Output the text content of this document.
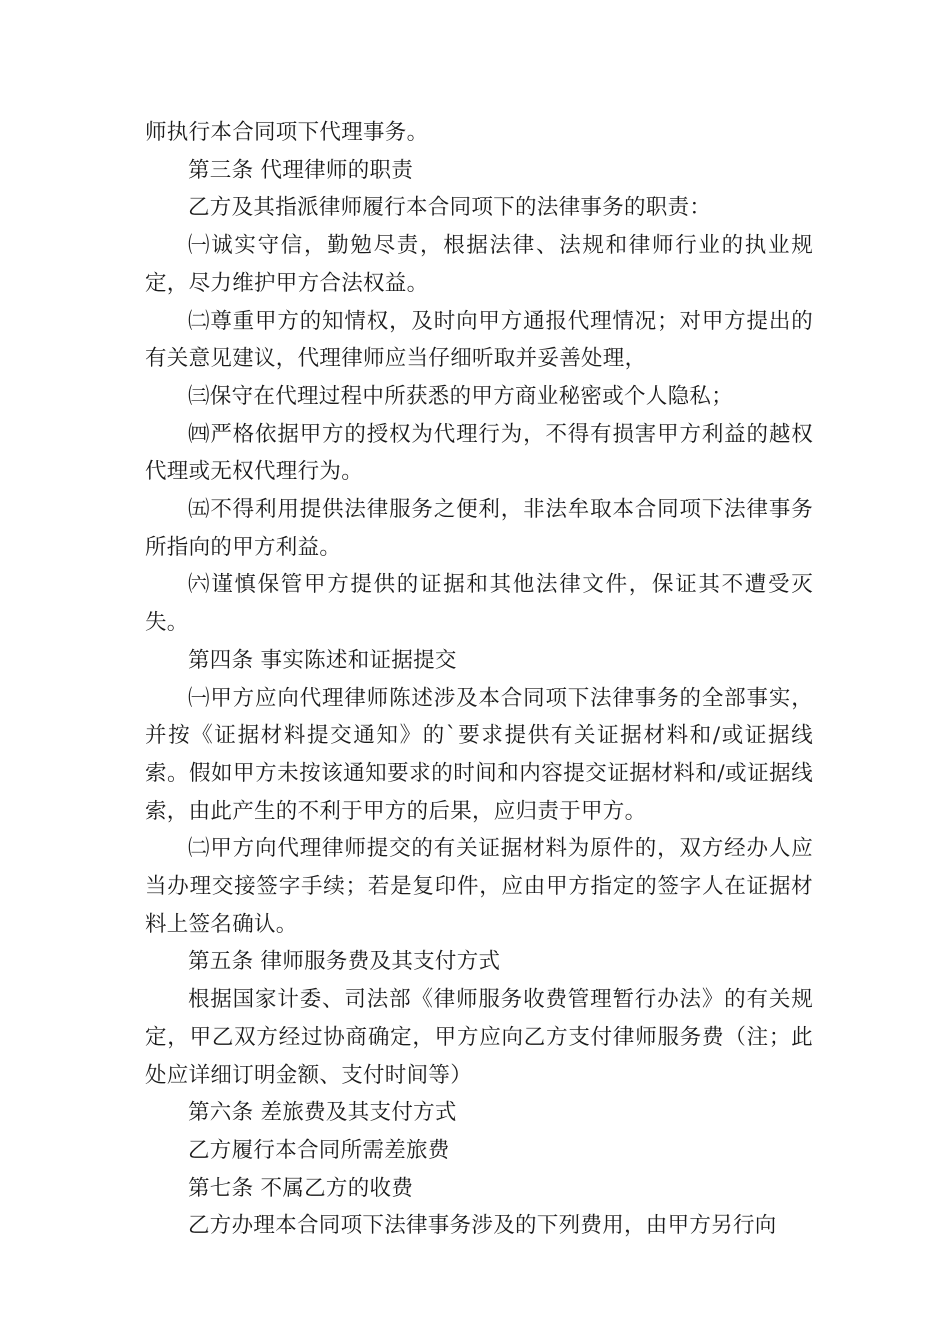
师执行本合同项下代理事务。

第三条 代理律师的职责

乙方及其指派律师履行本合同项下的法律事务的职责：

㈠诚实守信，勤勉尽责，根据法律、法规和律师行业的执业规定，尽力维护甲方合法权益。

㈡尊重甲方的知情权，及时向甲方通报代理情况；对甲方提出的有关意见建议，代理律师应当仔细听取并妥善处理，

㈢保守在代理过程中所获悉的甲方商业秘密或个人隐私；

㈣严格依据甲方的授权为代理行为，不得有损害甲方利益的越权代理或无权代理行为。

㈤不得利用提供法律服务之便利，非法牟取本合同项下法律事务所指向的甲方利益。

㈥谨慎保管甲方提供的证据和其他法律文件，保证其不遭受灭失。

第四条 事实陈述和证据提交

㈠甲方应向代理律师陈述涉及本合同项下法律事务的全部事实，并按《证据材料提交通知》的`要求提供有关证据材料和/或证据线索。假如甲方未按该通知要求的时间和内容提交证据材料和/或证据线索，由此产生的不利于甲方的后果，应归责于甲方。

㈡甲方向代理律师提交的有关证据材料为原件的，双方经办人应当办理交接签字手续；若是复印件，应由甲方指定的签字人在证据材料上签名确认。

第五条 律师服务费及其支付方式

根据国家计委、司法部《律师服务收费管理暂行办法》的有关规定，甲乙双方经过协商确定，甲方应向乙方支付律师服务费（注；此处应详细订明金额、支付时间等）

第六条 差旅费及其支付方式

乙方履行本合同所需差旅费

第七条 不属乙方的收费

乙方办理本合同项下法律事务涉及的下列费用，由甲方另行向
